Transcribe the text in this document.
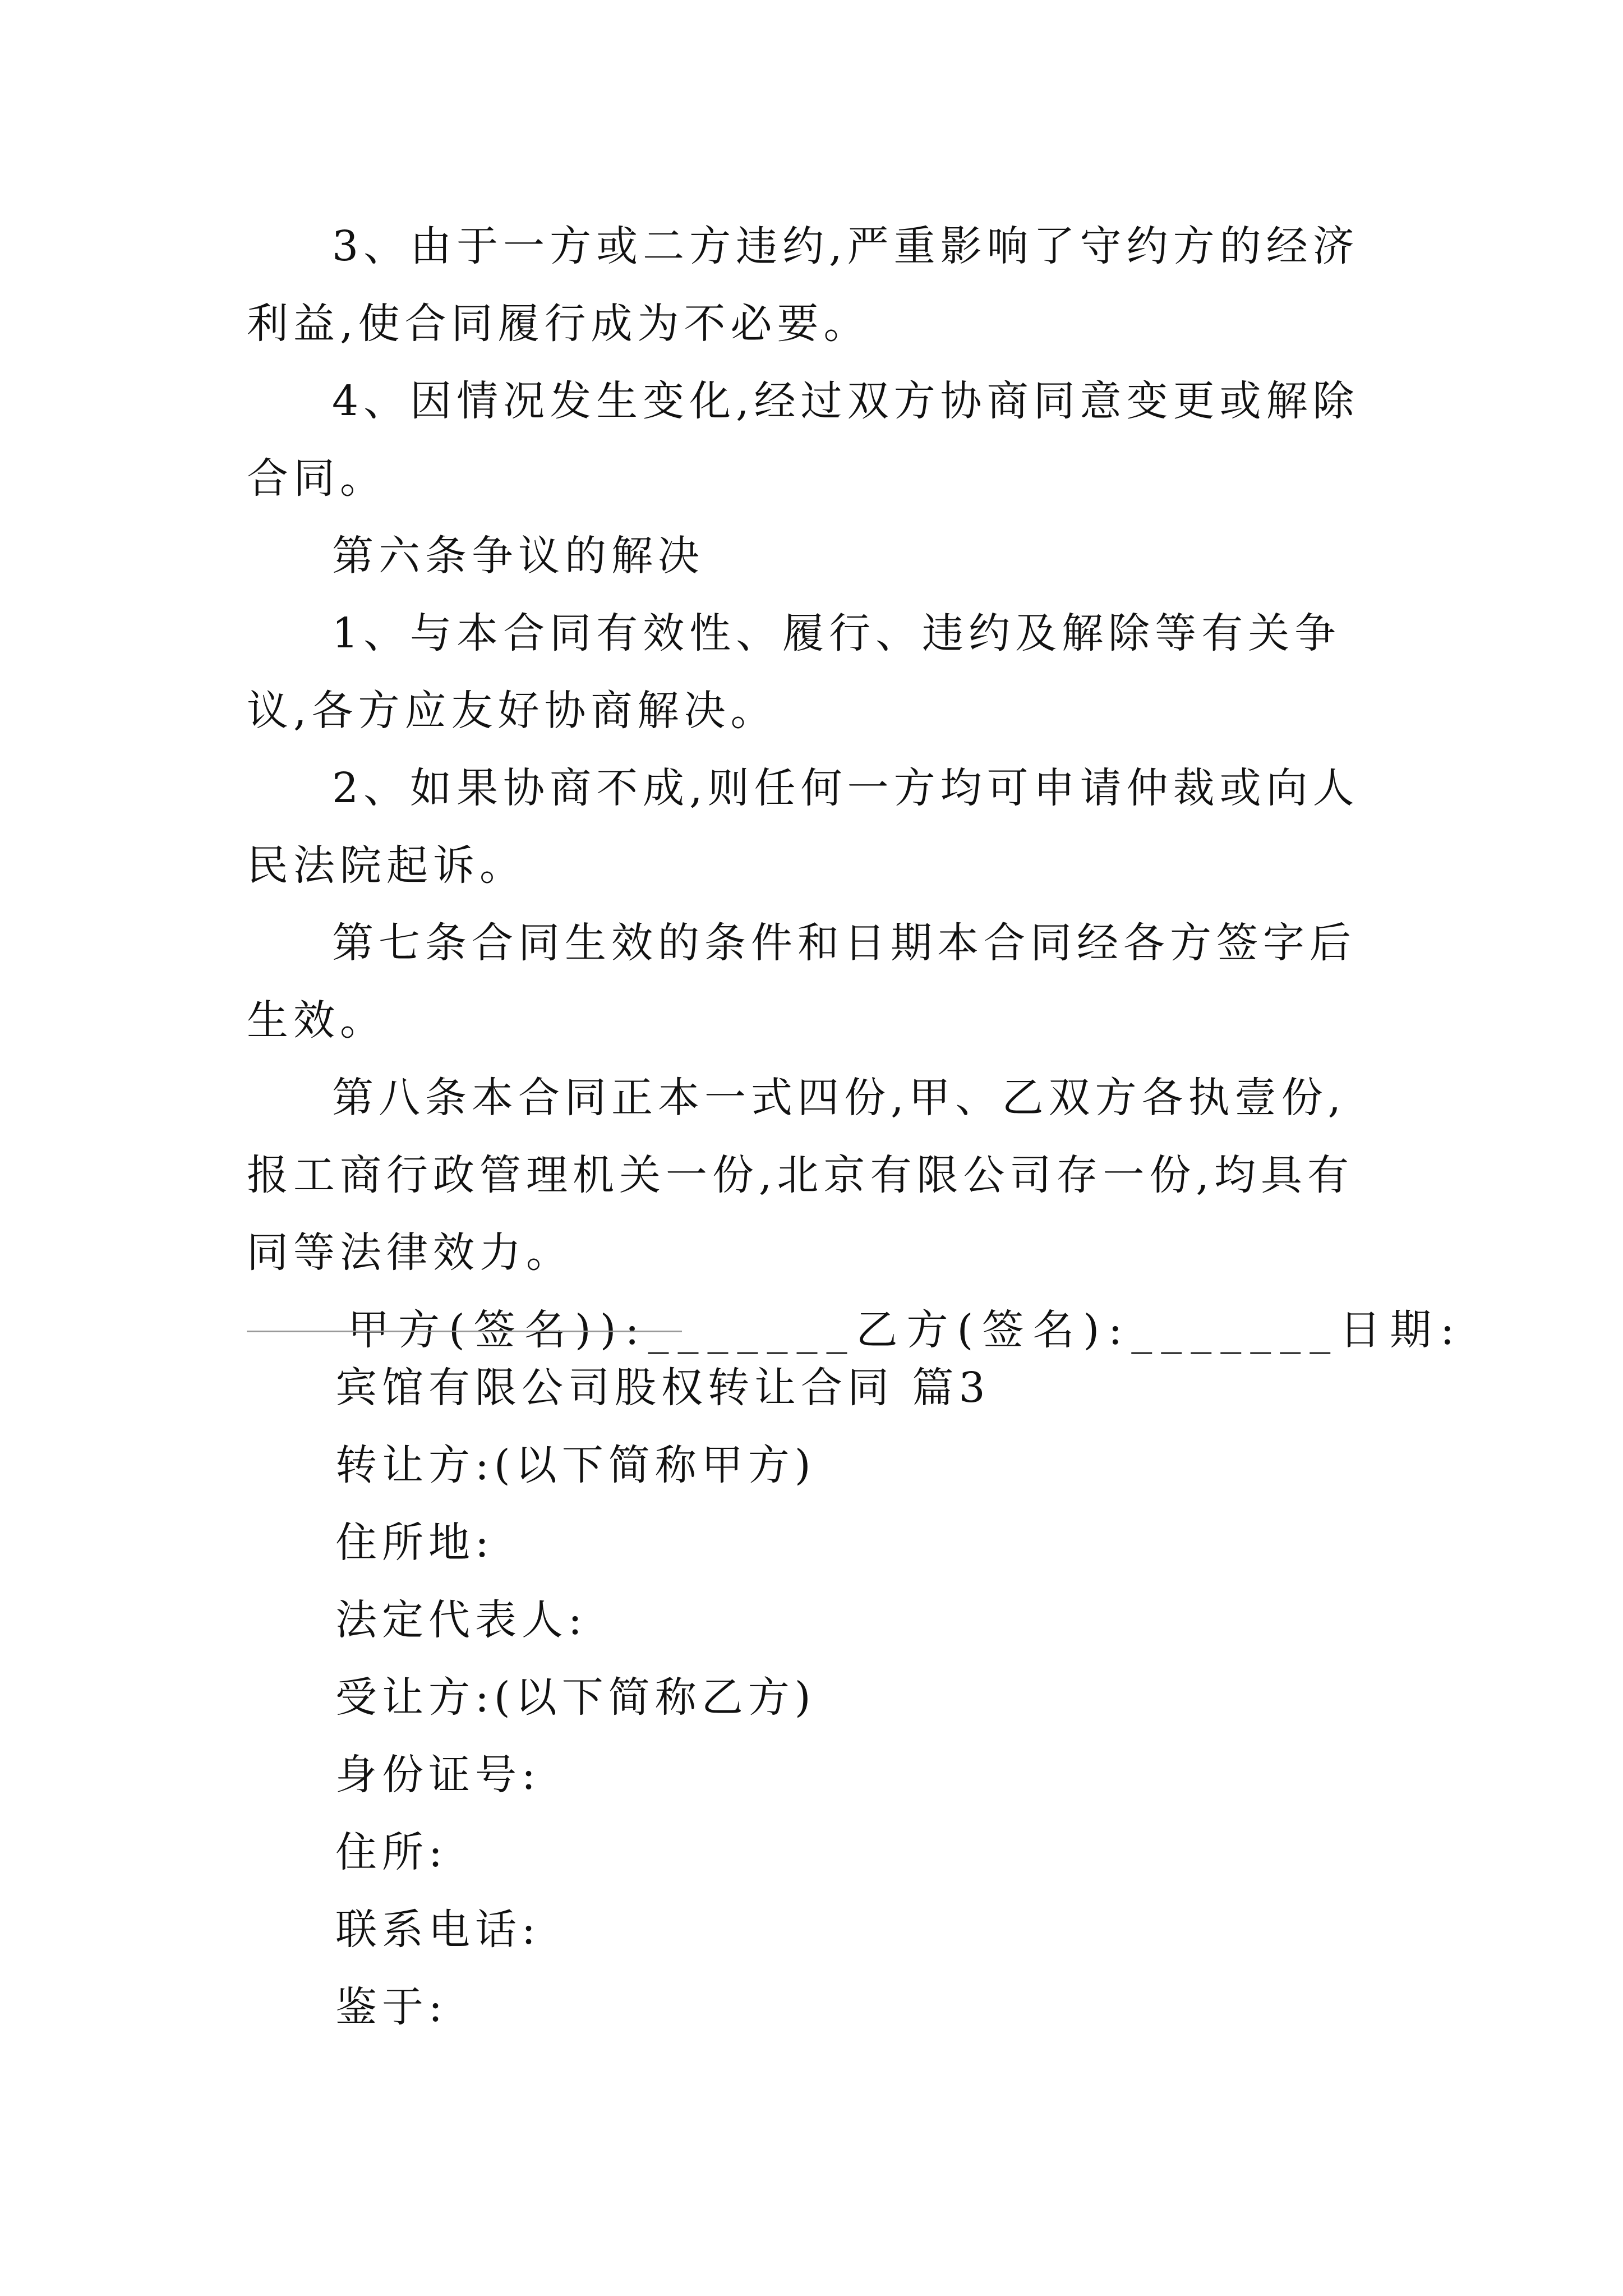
3、由于一方或二方违约,严重影响了守约方的经济利益,使合同履行成为不必要。

4、因情况发生变化,经过双方协商同意变更或解除合同。

第六条争议的解决

1、与本合同有效性、履行、违约及解除等有关争议,各方应友好协商解决。

2、如果协商不成,则任何一方均可申请仲裁或向人民法院起诉。

第七条合同生效的条件和日期本合同经各方签字后生效。

第八条本合同正本一式四份,甲、乙双方各执壹份,报工商行政管理机关一份,北京有限公司存一份,均具有同等法律效力。

甲方(签名)):_______乙方(签名):_______日期:

宾馆有限公司股权转让合同 篇3

转让方:(以下简称甲方)

住所地:

法定代表人:

受让方:(以下简称乙方)

身份证号:

住所:

联系电话:

鉴于:
